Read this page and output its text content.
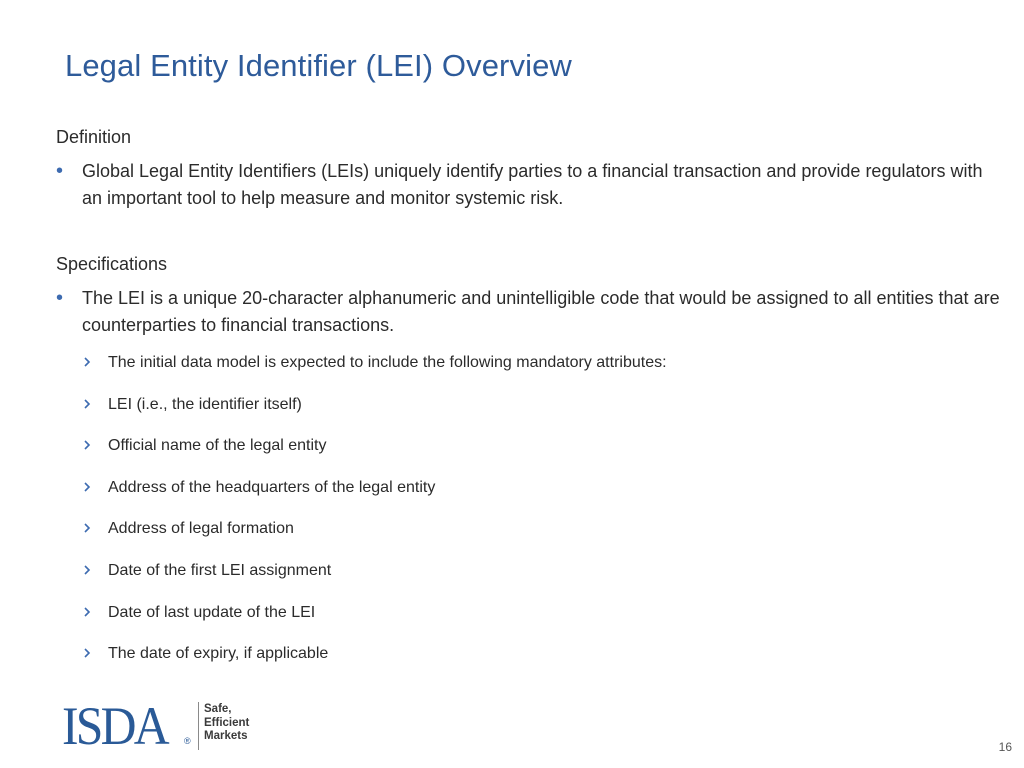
Legal Entity Identifier (LEI) Overview
Definition
• Global Legal Entity Identifiers (LEIs) uniquely identify parties to a financial transaction and provide regulators with an important tool to help measure and monitor systemic risk.
Specifications
• The LEI is a unique 20-character alphanumeric and unintelligible code that would be assigned to all entities that are counterparties to financial transactions.
The initial data model is expected to include the following mandatory attributes:
LEI (i.e., the identifier itself)
Official name of the legal entity
Address of the headquarters of the legal entity
Address of legal formation
Date of the first LEI assignment
Date of last update of the LEI
The date of expiry, if applicable
ISDA ®
Safe,
Efficient
Markets
16
